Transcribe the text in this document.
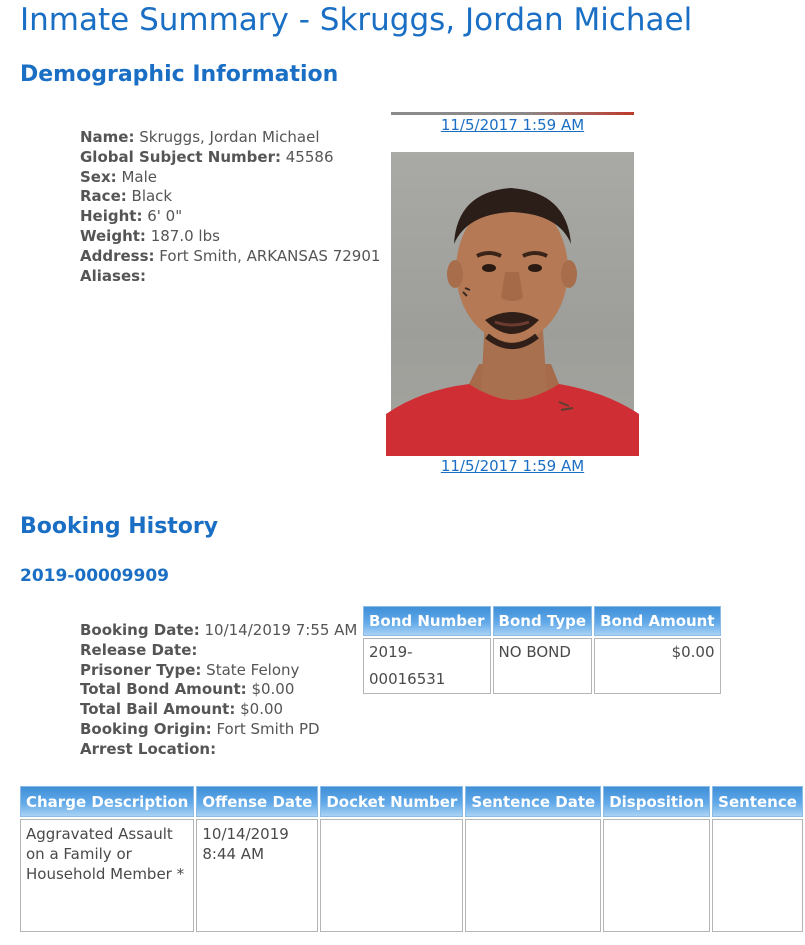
Inmate Summary - Skruggs, Jordan Michael
Demographic Information
Name: Skruggs, Jordan Michael
Global Subject Number: 45586
Sex: Male
Race: Black
Height: 6' 0"
Weight: 187.0 lbs
Address: Fort Smith, ARKANSAS 72901
Aliases:
11/5/2017 1:59 AM
11/5/2017 1:59 AM
Booking History
2019-00009909
Booking Date: 10/14/2019 7:55 AM
Release Date:
Prisoner Type: State Felony
Total Bond Amount: $0.00
Total Bail Amount: $0.00
Booking Origin: Fort Smith PD
Arrest Location:
Bond Number	Bond Type	Bond Amount
2019-00016531	NO BOND	$0.00
Charge Description	Offense Date	Docket Number	Sentence Date	Disposition	Sentence
Aggravated Assault on a Family or Household Member *	10/14/2019 8:44 AM				
